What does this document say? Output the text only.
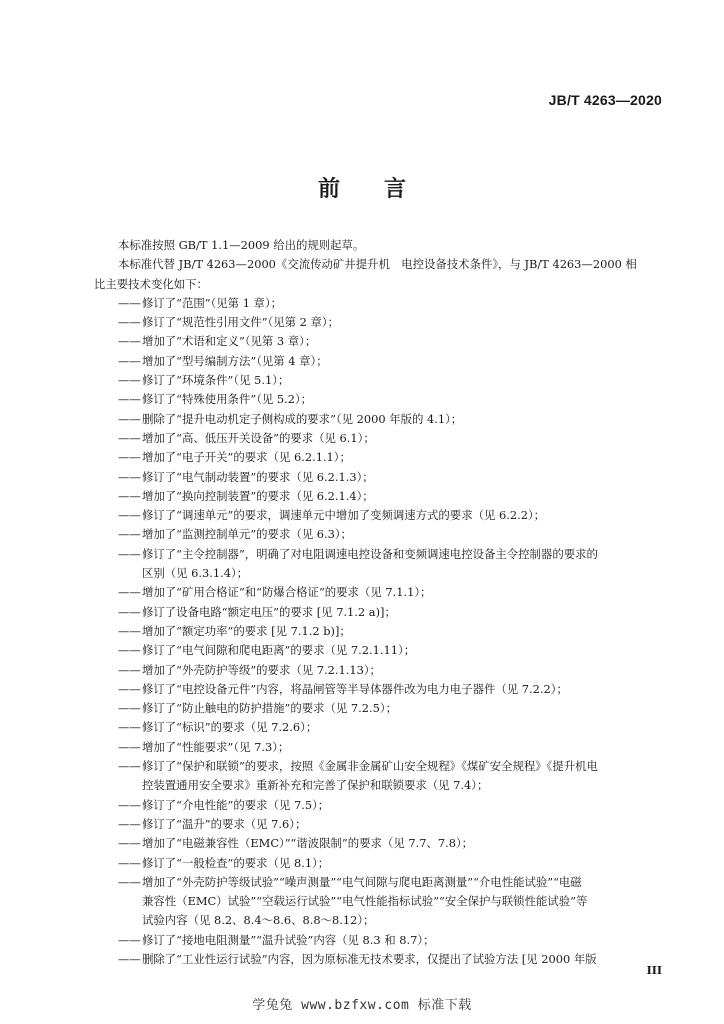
JB/T 4263—2020
前　　言

本标准按照 GB/T 1.1—2009 给出的规则起草。

本标准代替 JB/T 4263—2000《交流传动矿井提升机　电控设备技术条件》，与 JB/T 4263—2000 相

比主要技术变化如下：

——修订了“范围”（见第 1 章）；

——修订了“规范性引用文件”（见第 2 章）；

——增加了“术语和定义”（见第 3 章）；

——增加了“型号编制方法”（见第 4 章）；

——修订了“环境条件”（见 5.1）；

——修订了“特殊使用条件”（见 5.2）；

——删除了“提升电动机定子侧构成的要求”（见 2000 年版的 4.1）；

——增加了“高、低压开关设备”的要求（见 6.1）；

——增加了“电子开关”的要求（见 6.2.1.1）；

——修订了“电气制动装置”的要求（见 6.2.1.3）；

——增加了“换向控制装置”的要求（见 6.2.1.4）；

——修订了“调速单元”的要求，调速单元中增加了变频调速方式的要求（见 6.2.2）；

——增加了“监测控制单元”的要求（见 6.3）；

——修订了“主令控制器”，明确了对电阻调速电控设备和变频调速电控设备主令控制器的要求的

区别（见 6.3.1.4）；

——增加了“矿用合格证”和“防爆合格证”的要求（见 7.1.1）；

——修订了设备电路“额定电压”的要求 [见 7.1.2 a)]；

——增加了“额定功率”的要求 [见 7.1.2 b)]；

——修订了“电气间隙和爬电距离”的要求（见 7.2.1.11）；

——增加了“外壳防护等级”的要求（见 7.2.1.13）；

——修订了“电控设备元件”内容，将晶闸管等半导体器件改为电力电子器件（见 7.2.2）；

——修订了“防止触电的防护措施”的要求（见 7.2.5）；

——修订了“标识”的要求（见 7.2.6）；

——增加了“性能要求”（见 7.3）；

——修订了“保护和联锁”的要求，按照《金属非金属矿山安全规程》《煤矿安全规程》《提升机电

控装置通用安全要求》重新补充和完善了保护和联锁要求（见 7.4）；

——修订了“介电性能”的要求（见 7.5）；

——修订了“温升”的要求（见 7.6）；

——增加了“电磁兼容性（EMC）”“谐波限制”的要求（见 7.7、7.8）；

——修订了“一般检查”的要求（见 8.1）；

——增加了“外壳防护等级试验”“噪声测量”“电气间隙与爬电距离测量”“介电性能试验”“电磁

兼容性（EMC）试验”“空载运行试验”“电气性能指标试验”“安全保护与联锁性能试验”等

试验内容（见 8.2、8.4～8.6、8.8～8.12）；

——修订了“接地电阻测量”“温升试验”内容（见 8.3 和 8.7）；

——删除了“工业性运行试验”内容，因为原标准无技术要求，仅提出了试验方法 [见 2000 年版

III
学兔兔 www.bzfxw.com 标准下载
